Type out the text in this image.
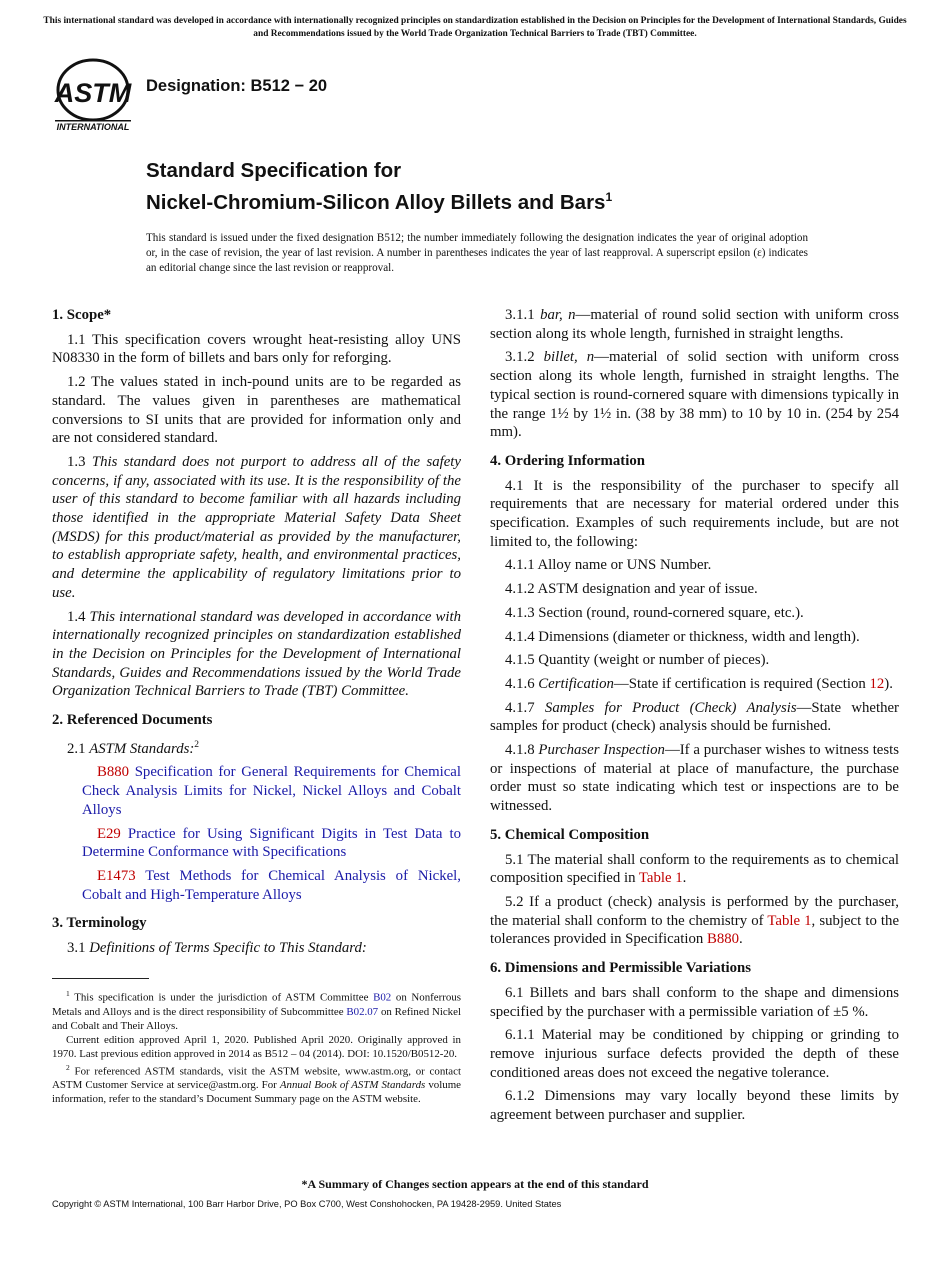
This international standard was developed in accordance with internationally recognized principles on standardization established in the Decision on Principles for the Development of International Standards, Guides and Recommendations issued by the World Trade Organization Technical Barriers to Trade (TBT) Committee.
ASTM
INTERNATIONAL
Designation: B512 − 20
Standard Specification for
Nickel-Chromium-Silicon Alloy Billets and Bars$^1$
This standard is issued under the fixed designation B512; the number immediately following the designation indicates the year of original adoption or, in the case of revision, the year of last revision. A number in parentheses indicates the year of last reapproval. A superscript epsilon (ε) indicates an editorial change since the last revision or reapproval.
1. Scope*

1.1 This specification covers wrought heat-resisting alloy UNS N08330 in the form of billets and bars only for reforging.

1.2 The values stated in inch-pound units are to be regarded as standard. The values given in parentheses are mathematical conversions to SI units that are provided for information only and are not considered standard.

1.3 This standard does not purport to address all of the safety concerns, if any, associated with its use. It is the responsibility of the user of this standard to become familiar with all hazards including those identified in the appropriate Material Safety Data Sheet (MSDS) for this product/material as provided by the manufacturer, to establish appropriate safety, health, and environmental practices, and determine the applicability of regulatory limitations prior to use.

1.4 This international standard was developed in accordance with internationally recognized principles on standardization established in the Decision on Principles for the Development of International Standards, Guides and Recommendations issued by the World Trade Organization Technical Barriers to Trade (TBT) Committee.

2. Referenced Documents

2.1 ASTM Standards:$^2$

B880 Specification for General Requirements for Chemical Check Analysis Limits for Nickel, Nickel Alloys and Cobalt Alloys

E29 Practice for Using Significant Digits in Test Data to Determine Conformance with Specifications

E1473 Test Methods for Chemical Analysis of Nickel, Cobalt and High-Temperature Alloys

3. Terminology

3.1 Definitions of Terms Specific to This Standard:

$^1$ This specification is under the jurisdiction of ASTM Committee B02 on Nonferrous Metals and Alloys and is the direct responsibility of Subcommittee B02.07 on Refined Nickel and Cobalt and Their Alloys.

Current edition approved April 1, 2020. Published April 2020. Originally approved in 1970. Last previous edition approved in 2014 as B512 – 04 (2014). DOI: 10.1520/B0512-20.

$^2$ For referenced ASTM standards, visit the ASTM website, www.astm.org, or contact ASTM Customer Service at service@astm.org. For Annual Book of ASTM Standards volume information, refer to the standard’s Document Summary page on the ASTM website.

3.1.1 bar, n—material of round solid section with uniform cross section along its whole length, furnished in straight lengths.

3.1.2 billet, n—material of solid section with uniform cross section along its whole length, furnished in straight lengths. The typical section is round-cornered square with dimensions typically in the range 1½ by 1½ in. (38 by 38 mm) to 10 by 10 in. (254 by 254 mm).

4. Ordering Information

4.1 It is the responsibility of the purchaser to specify all requirements that are necessary for material ordered under this specification. Examples of such requirements include, but are not limited to, the following:

4.1.1 Alloy name or UNS Number.

4.1.2 ASTM designation and year of issue.

4.1.3 Section (round, round-cornered square, etc.).

4.1.4 Dimensions (diameter or thickness, width and length).

4.1.5 Quantity (weight or number of pieces).

4.1.6 Certification—State if certification is required (Section 12).

4.1.7 Samples for Product (Check) Analysis—State whether samples for product (check) analysis should be furnished.

4.1.8 Purchaser Inspection—If a purchaser wishes to witness tests or inspections of material at place of manufacture, the purchase order must so state indicating which test or inspections are to be witnessed.

5. Chemical Composition

5.1 The material shall conform to the requirements as to chemical composition specified in Table 1.

5.2 If a product (check) analysis is performed by the purchaser, the material shall conform to the chemistry of Table 1, subject to the tolerances provided in Specification B880.

6. Dimensions and Permissible Variations

6.1 Billets and bars shall conform to the shape and dimensions specified by the purchaser with a permissible variation of ±5 %.

6.1.1 Material may be conditioned by chipping or grinding to remove injurious surface defects provided the depth of these conditioned areas does not exceed the negative tolerance.

6.1.2 Dimensions may vary locally beyond these limits by agreement between purchaser and supplier.

*A Summary of Changes section appears at the end of this standard
Copyright © ASTM International, 100 Barr Harbor Drive, PO Box C700, West Conshohocken, PA 19428-2959. United States
